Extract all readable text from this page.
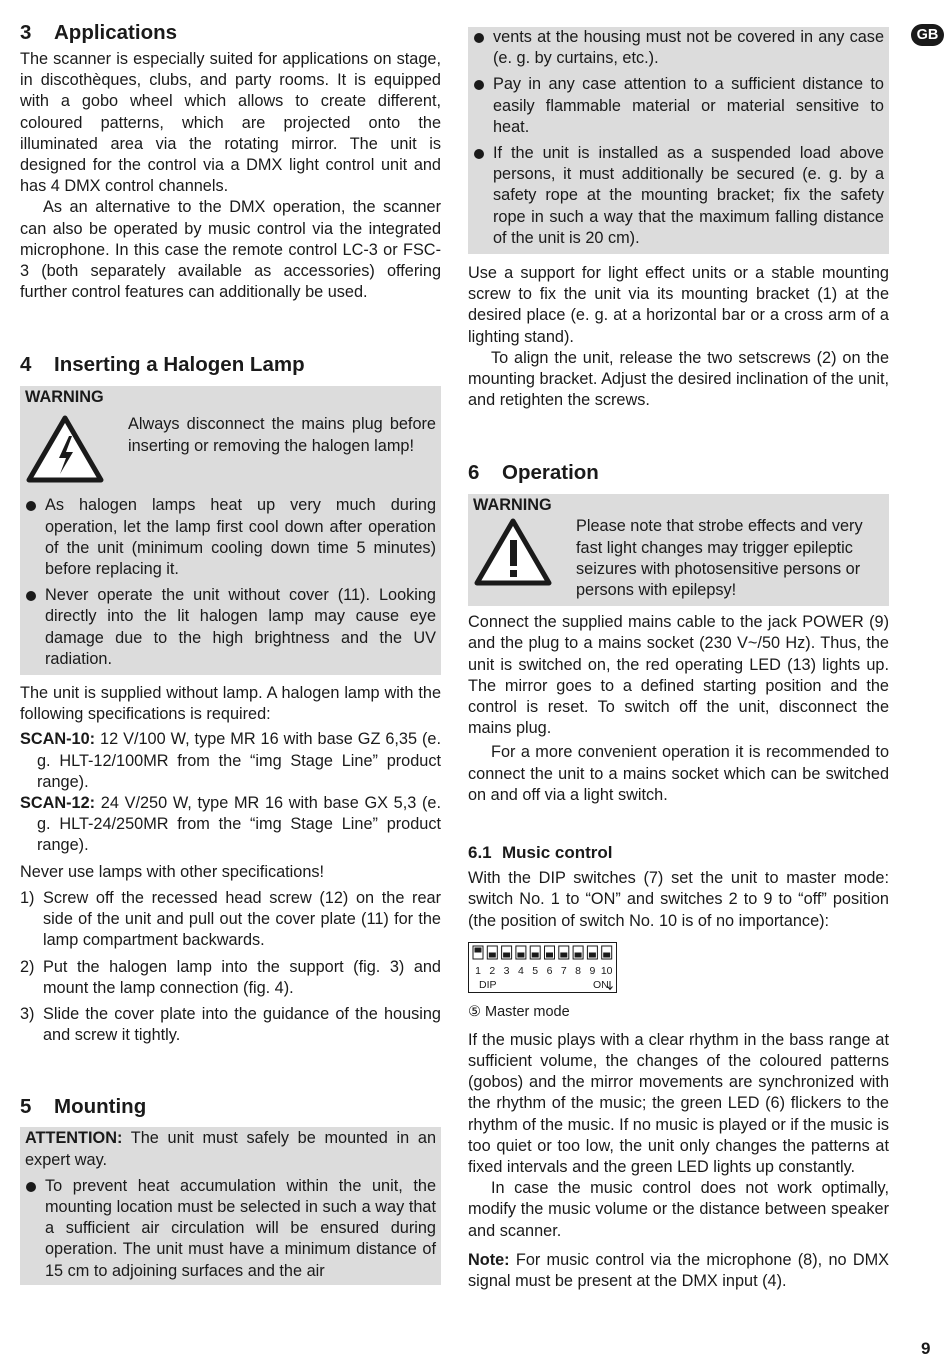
GB
3 Applications

The scanner is especially suited for applications on stage, in discothèques, clubs, and party rooms. It is equipped with a gobo wheel which allows to create different, coloured patterns, which are projected onto the illuminated area via the rotating mirror. The unit is designed for the control via a DMX light control unit and has 4 DMX control channels.

As an alternative to the DMX operation, the scanner can also be operated by music control via the integrated microphone. In this case the remote control LC-3 or FSC-3 (both separately available as accessories) offering further control features can additionally be used.

4 Inserting a Halogen Lamp
WARNING

Always disconnect the mains plug before inserting or removing the halogen lamp!

As halogen lamps heat up very much during operation, let the lamp first cool down after operation of the unit (minimum cooling down time 5 minutes) before replacing it.
Never operate the unit without cover (11). Looking directly into the lit halogen lamp may cause eye damage due to the high brightness and the UV radiation.

The unit is supplied without lamp. A halogen lamp with the following specifications is required:

SCAN-10: 12 V/100 W, type MR 16 with base GZ 6,35 (e. g. HLT-12/100MR from the “img Stage Line” product range).

SCAN-12: 24 V/250 W, type MR 16 with base GX 5,3 (e. g. HLT-24/250MR from the “img Stage Line” product range).

Never use lamps with other specifications!

1) Screw off the recessed head screw (12) on the rear side of the unit and pull out the cover plate (11) for the lamp compartment backwards.
2) Put the halogen lamp into the support (fig. 3) and mount the lamp connection (fig. 4).
3) Slide the cover plate into the guidance of the housing and screw it tightly.
5 Mounting

ATTENTION: The unit must safely be mounted in an expert way.

To prevent heat accumulation within the unit, the mounting location must be selected in such a way that a sufficient air circulation will be ensured during operation. The unit must have a minimum distance of 15 cm to adjoining surfaces and the air
vents at the housing must not be covered in any case (e. g. by curtains, etc.).
Pay in any case attention to a sufficient distance to easily flammable material or material sensitive to heat.
If the unit is installed as a suspended load above persons, it must additionally be secured (e. g. by a safety rope at the mounting bracket; fix the safety rope in such a way that the maximum falling distance of the unit is 20 cm).

Use a support for light effect units or a stable mounting screw to fix the unit via its mounting bracket (1) at the desired place (e. g. at a horizontal bar or a cross arm of a lighting stand).

To align the unit, release the two setscrews (2) on the mounting bracket. Adjust the desired inclination of the unit, and retighten the screws.

6 Operation
WARNING

Please note that strobe effects and very fast light changes may trigger epileptic seizures with photosensitive persons or persons with epilepsy!

Connect the supplied mains cable to the jack POWER (9) and the plug to a mains socket (230 V~/50 Hz). Thus, the unit is switched on, the red operating LED (13) lights up. The mirror goes to a defined starting position and the control is reset. To switch off the unit, disconnect the mains plug.

For a more convenient operation it is recommended to connect the unit to a mains socket which can be switched on and off via a light switch.

6.1 Music control

With the DIP switches (7) set the unit to master mode: switch No. 1 to “ON” and switches 2 to 9 to “off” position (the position of switch No. 10 is of no importance):

1 2 3 4 5 6 7 8 9 10
DIP	ON

⑤ Master mode

If the music plays with a clear rhythm in the bass range at sufficient volume, the changes of the coloured patterns (gobos) and the mirror movements are synchronized with the rhythm of the music; the green LED (6) flickers to the rhythm of the music. If no music is played or if the music is too quiet or too low, the unit only changes the patterns at fixed intervals and the green LED lights up constantly.

In case the music control does not work optimally, modify the music volume or the distance between speaker and scanner.

Note: For music control via the microphone (8), no DMX signal must be present at the DMX input (4).

9
